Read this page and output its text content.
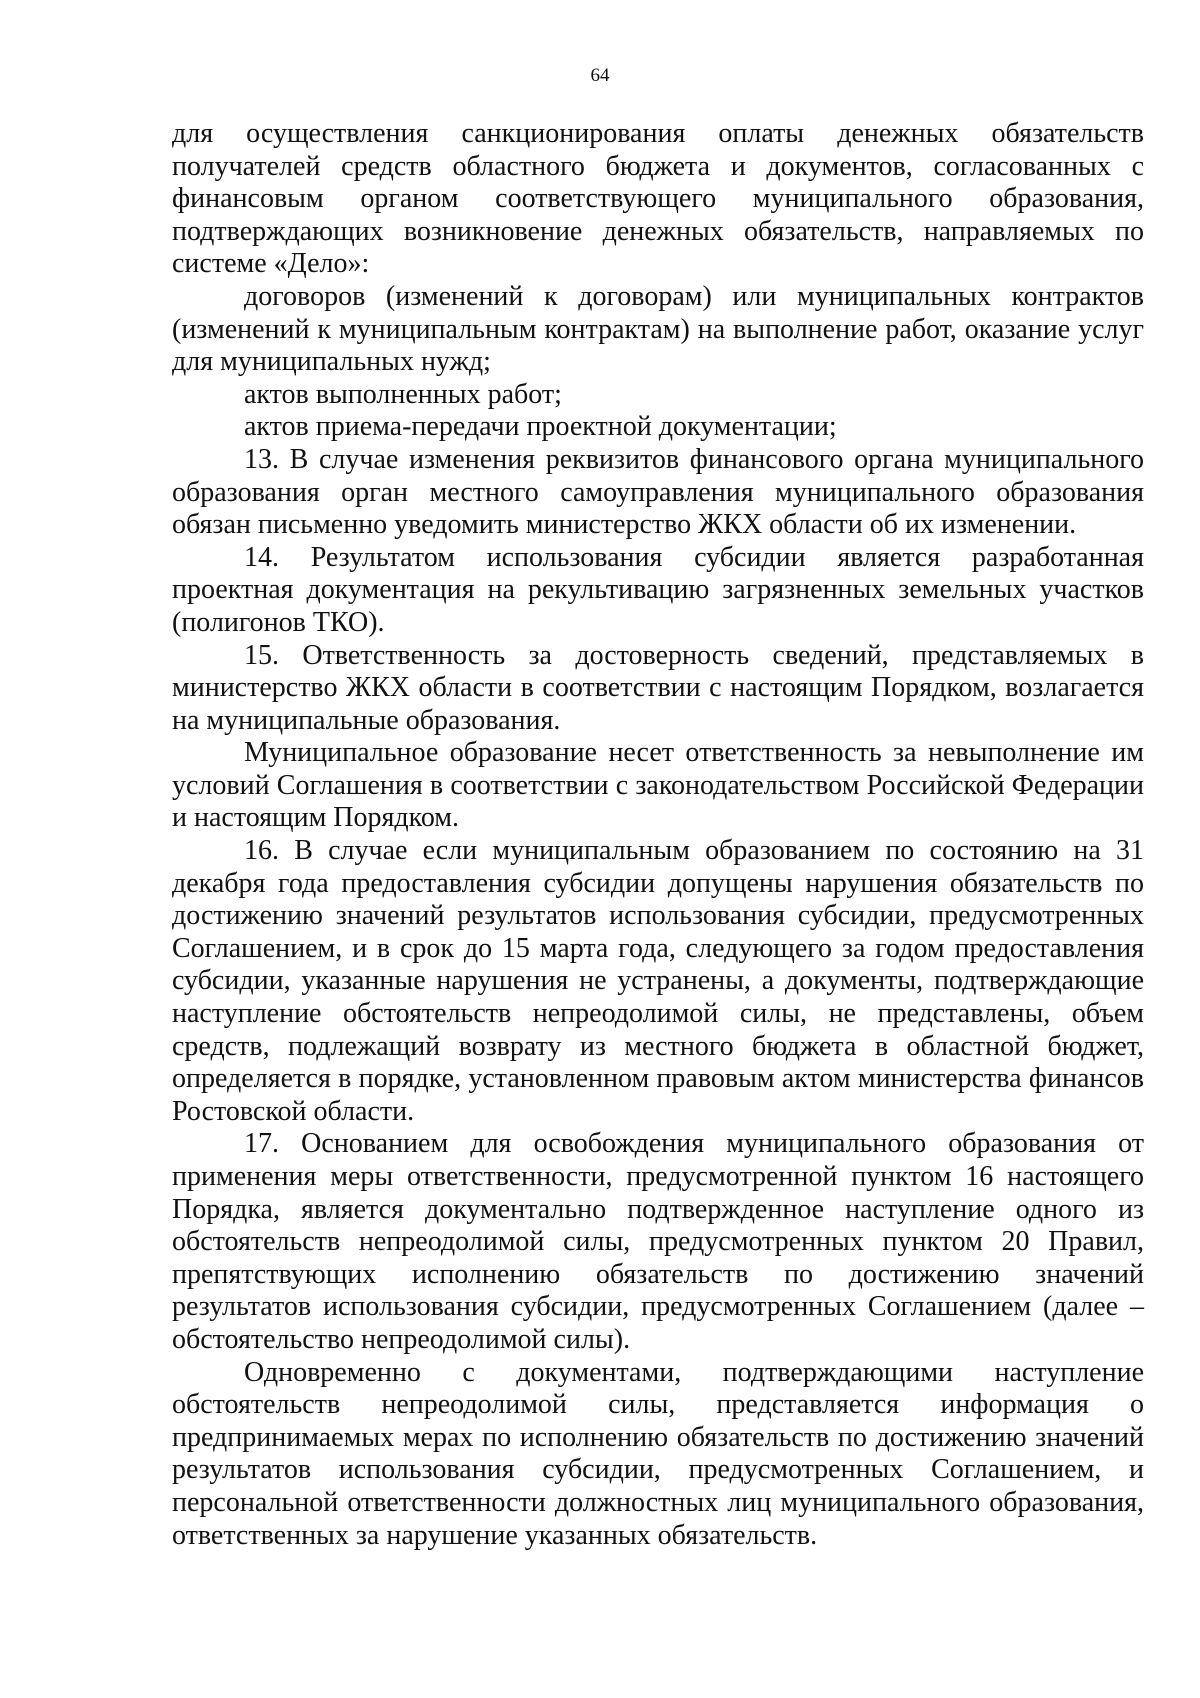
64

для осуществления санкционирования оплаты денежных обязательств получателей средств областного бюджета и документов, согласованных с финансовым органом соответствующего муниципального образования, подтверждающих возникновение денежных обязательств, направляемых по системе «Дело»:

договоров (изменений к договорам) или муниципальных контрактов (изменений к муниципальным контрактам) на выполнение работ, оказание услуг для муниципальных нужд;

актов выполненных работ;

актов приема-передачи проектной документации;

13. В случае изменения реквизитов финансового органа муниципального образования орган местного самоуправления муниципального образования обязан письменно уведомить министерство ЖКХ области об их изменении.

14. Результатом использования субсидии является разработанная проектная документация на рекультивацию загрязненных земельных участков (полигонов ТКО).

15. Ответственность за достоверность сведений, представляемых в министерство ЖКХ области в соответствии с настоящим Порядком, возлагается на муниципальные образования.

Муниципальное образование несет ответственность за невыполнение им условий Соглашения в соответствии с законодательством Российской Федерации и настоящим Порядком.

16. В случае если муниципальным образованием по состоянию на 31 декабря года предоставления субсидии допущены нарушения обязательств по достижению значений результатов использования субсидии, предусмотренных Соглашением, и в срок до 15 марта года, следующего за годом предоставления субсидии, указанные нарушения не устранены, а документы, подтверждающие наступление обстоятельств непреодолимой силы, не представлены, объем средств, подлежащий возврату из местного бюджета в областной бюджет, определяется в порядке, установленном правовым актом министерства финансов Ростовской области.

17. Основанием для освобождения муниципального образования от применения меры ответственности, предусмотренной пунктом 16 настоящего Порядка, является документально подтвержденное наступление одного из обстоятельств непреодолимой силы, предусмотренных пунктом 20 Правил, препятствующих исполнению обязательств по достижению значений результатов использования субсидии, предусмотренных Соглашением (далее – обстоятельство непреодолимой силы).

Одновременно с документами, подтверждающими наступление обстоятельств непреодолимой силы, представляется информация о предпринимаемых мерах по исполнению обязательств по достижению значений результатов использования субсидии, предусмотренных Соглашением, и персональной ответственности должностных лиц муниципального образования, ответственных за нарушение указанных обязательств.
